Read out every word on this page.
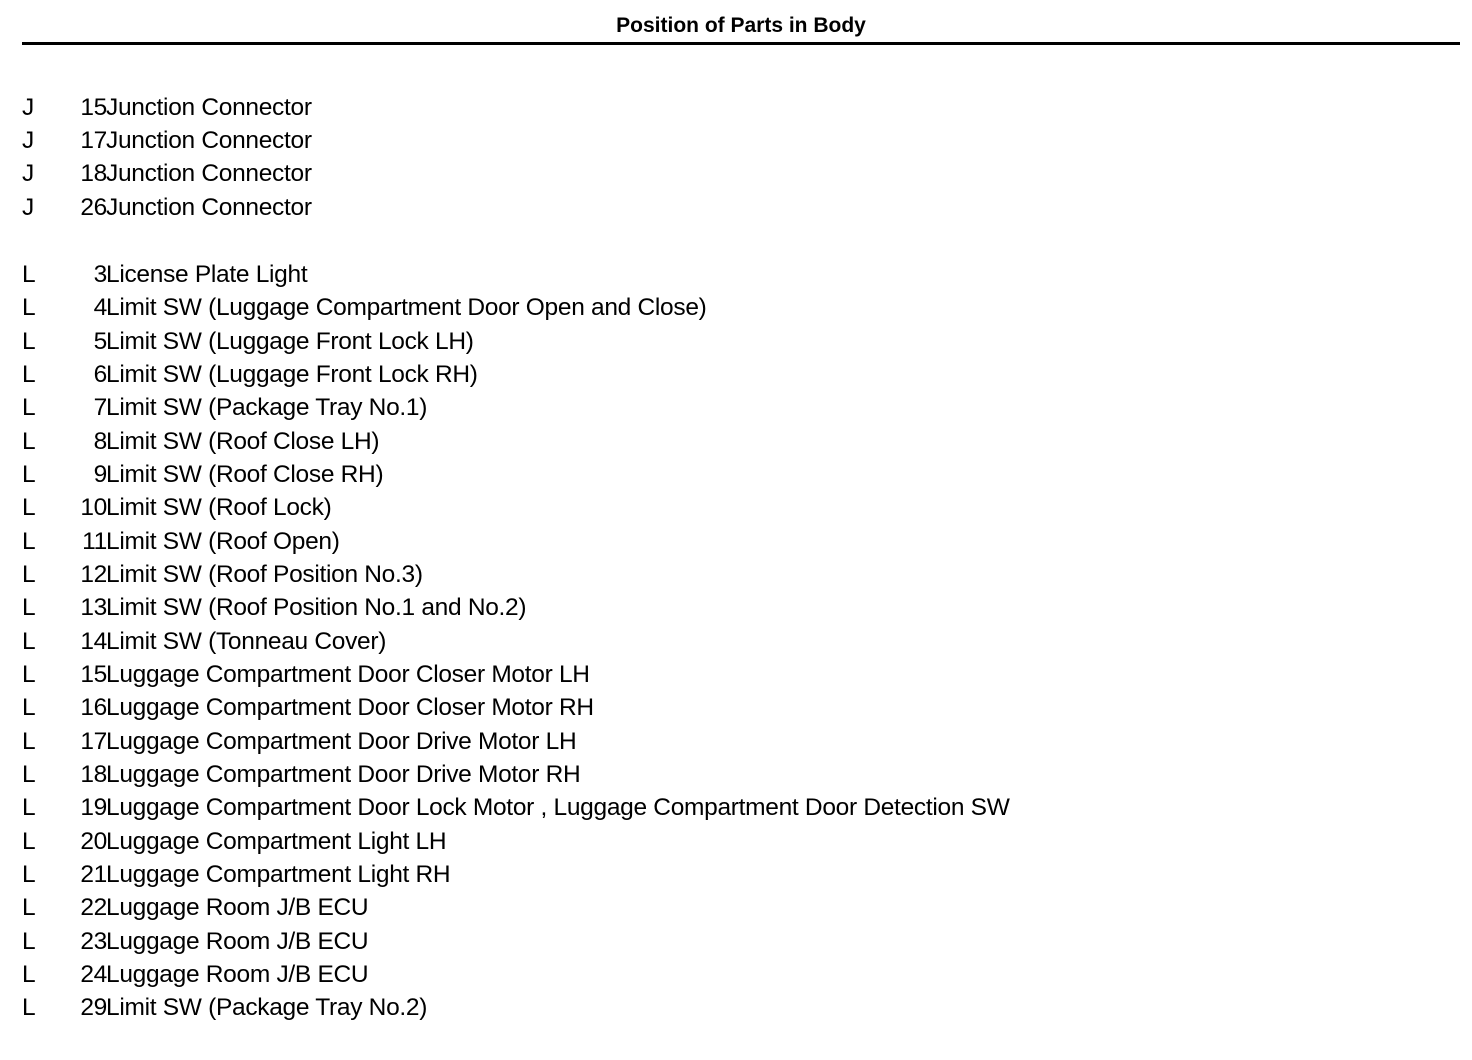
Position of Parts in Body
J	15 Junction Connector
J	17 Junction Connector
J	18 Junction Connector
J	26 Junction Connector
L	3 License Plate Light
L	4 Limit SW (Luggage Compartment Door Open and Close)
L	5 Limit SW (Luggage Front Lock LH)
L	6 Limit SW (Luggage Front Lock RH)
L	7 Limit SW (Package Tray No.1)
L	8 Limit SW (Roof Close LH)
L	9 Limit SW (Roof Close RH)
L	10 Limit SW (Roof Lock)
L	11 Limit SW (Roof Open)
L	12 Limit SW (Roof Position No.3)
L	13 Limit SW (Roof Position No.1 and No.2)
L	14 Limit SW (Tonneau Cover)
L	15 Luggage Compartment Door Closer Motor LH
L	16 Luggage Compartment Door Closer Motor RH
L	17 Luggage Compartment Door Drive Motor LH
L	18 Luggage Compartment Door Drive Motor RH
L	19 Luggage Compartment Door Lock Motor , Luggage Compartment Door Detection SW
L	20 Luggage Compartment Light LH
L	21 Luggage Compartment Light RH
L	22 Luggage Room J/B ECU
L	23 Luggage Room J/B ECU
L	24 Luggage Room J/B ECU
L	29 Limit SW (Package Tray No.2)
